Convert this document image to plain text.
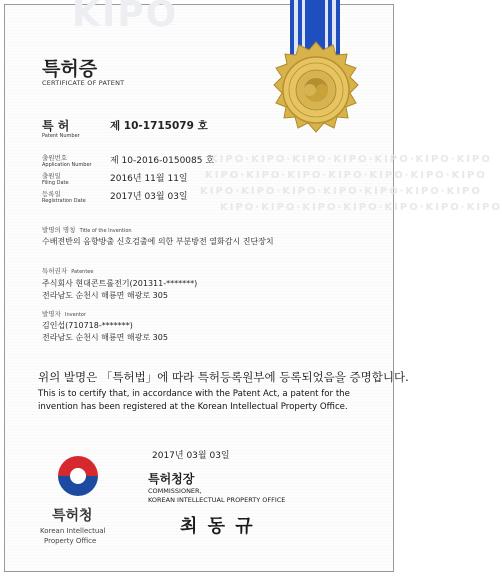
KIPO
KIPO·KIPO·KIPO·KIPO·KIPO·KIPO·KIPO
KIPO·KIPO·KIPO·KIPO·KIPO·KIPO·KIPO
KIPO·KIPO·KIPO·KIPO·KIPO·KIPO·KIPO
KIPO·KIPO·KIPO·KIPO·KIPO·KIPO·KIPO
특허증
CERTIFICATE OF PATENT
특 허
Patent Number
제 10-1715079 호
출원번호
Application Number 제 10-2016-0150085 호
출원일
Filing Date	2016년 11월 11일
등록일
Registration Date	2017년 03월 03일
발명의 명칭 Title of the Invention
수배전반의 음향방출 신호검출에 의한 부분방전 열화감시 진단장치
특허권자 Patentee
주식회사 현대콘트롤전기(201311-*******)
전라남도 순천시 해룡면 해광로 305
발명자 Inventor
김인섭(710718-*******)
전라남도 순천시 해룡면 해광로 305
위의 발명은 「특허법」에 따라 특허등록원부에 등록되었음을 증명합니다.
This is to certify that, in accordance with the Patent Act, a patent for the invention has been registered at the Korean Intellectual Property Office.
2017년 03월 03일
특허청
Korean Intellectual
Property Office
특허청장
COMMISSIONER,
KOREAN INTELLECTUAL PROPERTY OFFICE
최 동 규
